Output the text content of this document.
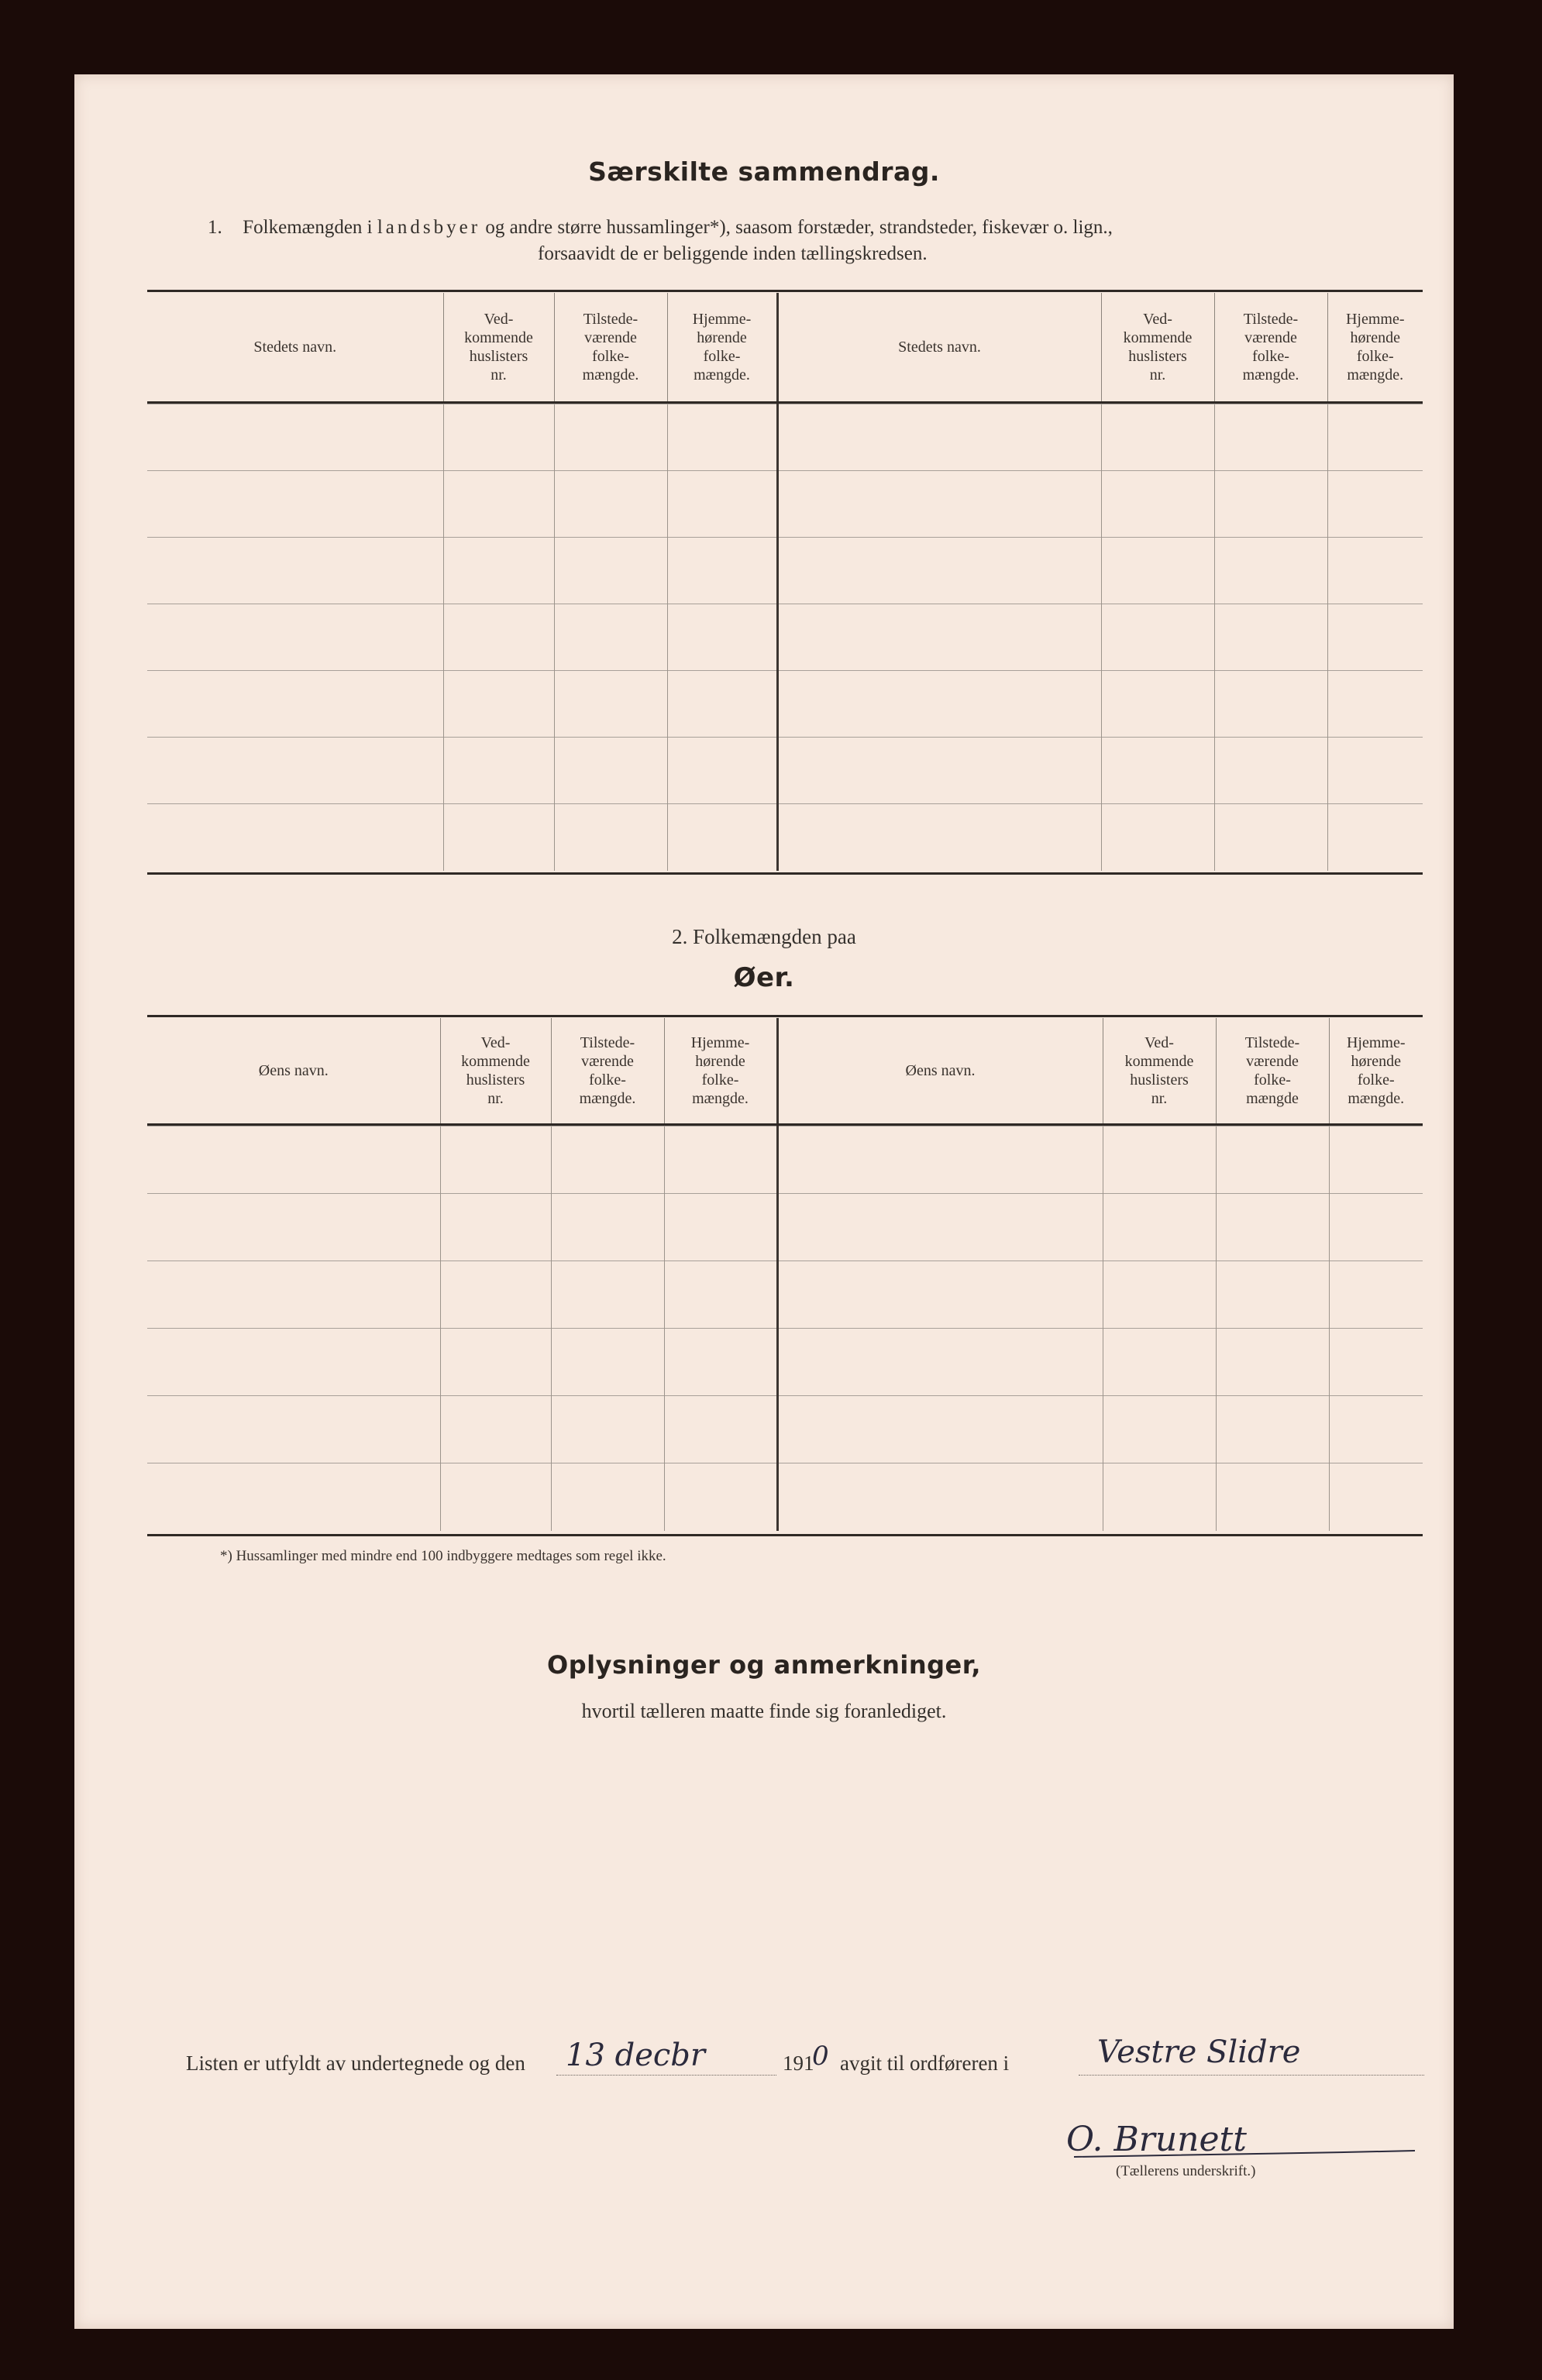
Særskilte sammendrag.
1. Folkemængden i landsbyer og andre større hussamlinger*), saasom forstæder, strandsteder, fiskevær o. lign.,
forsaavidt de er beliggende inden tællingskredsen.
Stedets navn.	Ved-
kommende
huslisters
nr.	Tilstede-
værende
folke-
mængde.	Hjemme-
hørende
folke-
mængde.	Stedets navn.	Ved-
kommende
huslisters
nr.	Tilstede-
værende
folke-
mængde.	Hjemme-
hørende
folke-
mængde.

2. Folkemængden paa
Øer.
Øens navn.	Ved-
kommende
huslisters
nr.	Tilstede-
værende
folke-
mængde.	Hjemme-
hørende
folke-
mængde.	Øens navn.	Ved-
kommende
huslisters
nr.	Tilstede-
værende
folke-
mængde	Hjemme-
hørende
folke-
mængde.

*) Hussamlinger med mindre end 100 indbyggere medtages som regel ikke.
Oplysninger og anmerkninger,
hvortil tælleren maatte finde sig foranlediget.
Listen er utfyldt av undertegnede og den 13 decbr	191
0 avgit til ordføreren i	Vestre Slidre
O. Brunett
(Tællerens underskrift.)
